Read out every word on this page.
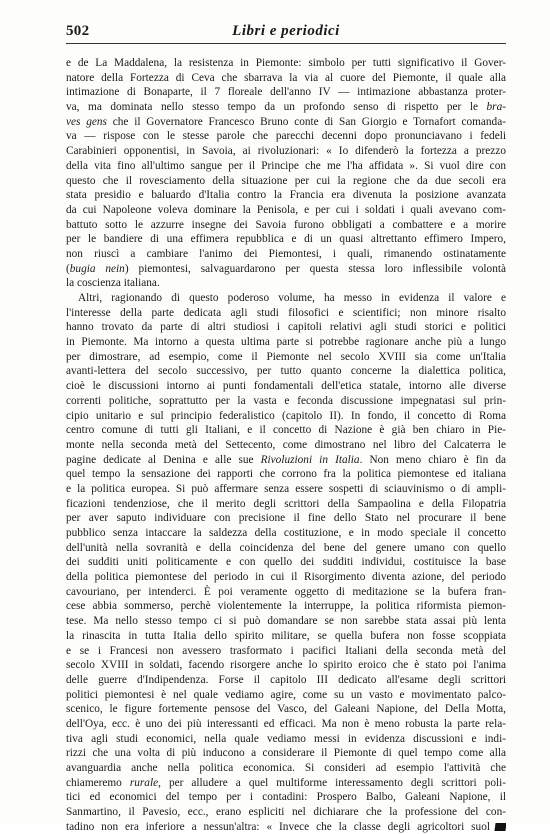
502	Libri e periodici
e de La Maddalena, la resistenza in Piemonte: simbolo per tutti significativo il Gover-
natore della Fortezza di Ceva che sbarrava la via al cuore del Piemonte, il quale alla
intimazione di Bonaparte, il 7 floreale dell'anno IV — intimazione abbastanza proter-
va, ma dominata nello stesso tempo da un profondo senso di rispetto per le bra-
ves gens che il Governatore Francesco Bruno conte di San Giorgio e Tornafort comanda-
va — rispose con le stesse parole che parecchi decenni dopo pronunciavano i fedeli
Carabinieri opponentisi, in Savoia, ai rivoluzionari: « Io difenderò la fortezza a prezzo
della vita fino all'ultimo sangue per il Principe che me l'ha affidata ». Si vuol dire con
questo che il rovesciamento della situazione per cui la regione che da due secoli era
stata presidio e baluardo d'Italia contro la Francia era divenuta la posizione avanzata
da cui Napoleone voleva dominare la Penisola, e per cui i soldati i quali avevano com-
battuto sotto le azzurre insegne dei Savoia furono obbligati a combattere e a morire
per le bandiere di una effimera repubblica e di un quasi altrettanto effimero Impero,
non riuscì a cambiare l'animo dei Piemontesi, i quali, rimanendo ostinatamente
(bugia nein) piemontesi, salvaguardarono per questa stessa loro inflessibile volontà
la coscienza italiana.
Altri, ragionando di questo poderoso volume, ha messo in evidenza il valore e
l'interesse della parte dedicata agli studi filosofici e scientifici; non minore risalto
hanno trovato da parte di altri studiosi i capitoli relativi agli studi storici e politici
in Piemonte. Ma intorno a questa ultima parte si potrebbe ragionare anche più a lungo
per dimostrare, ad esempio, come il Piemonte nel secolo XVIII sia come un'Italia
avanti-lettera del secolo successivo, per tutto quanto concerne la dialettica politica,
cioè le discussioni intorno ai punti fondamentali dell'etica statale, intorno alle diverse
correnti politiche, soprattutto per la vasta e feconda discussione impegnatasi sul prin-
cipio unitario e sul principio federalistico (capitolo II). In fondo, il concetto di Roma
centro comune di tutti gli Italiani, e il concetto di Nazione è già ben chiaro in Pie-
monte nella seconda metà del Settecento, come dimostrano nel libro del Calcaterra le
pagine dedicate al Denina e alle sue Rivoluzioni in Italia. Non meno chiaro è fin da
quel tempo la sensazione dei rapporti che corrono fra la politica piemontese ed italiana
e la politica europea. Si può affermare senza essere sospetti di sciauvinismo o di ampli-
ficazioni tendenziose, che il merito degli scrittori della Sampaolina e della Filopatria
per aver saputo individuare con precisione il fine dello Stato nel procurare il bene
pubblico senza intaccare la saldezza della costituzione, e in modo speciale il concetto
dell'unità nella sovranità e della coincidenza del bene del genere umano con quello
dei sudditi uniti politicamente e con quello dei sudditi individui, costituisce la base
della politica piemontese del periodo in cui il Risorgimento diventa azione, del periodo
cavouriano, per intenderci. È poi veramente oggetto di meditazione se la bufera fran-
cese abbia sommerso, perchè violentemente la interruppe, la politica riformista piemon-
tese. Ma nello stesso tempo ci si può domandare se non sarebbe stata assai più lenta
la rinascita in tutta Italia dello spirito militare, se quella bufera non fosse scoppiata
e se i Francesi non avessero trasformato i pacifici Italiani della seconda metà del
secolo XVIII in soldati, facendo risorgere anche lo spirito eroico che è stato poi l'anima
delle guerre d'Indipendenza. Forse il capitolo III dedicato all'esame degli scrittori
politici piemontesi è nel quale vediamo agire, come su un vasto e movimentato palco-
scenico, le figure fortemente pensose del Vasco, del Galeani Napione, del Della Motta,
dell'Oya, ecc. è uno dei più interessanti ed efficaci. Ma non è meno robusta la parte rela-
tiva agli studi economici, nella quale vediamo messi in evidenza discussioni e indi-
rizzi che una volta di più inducono a considerare il Piemonte di quel tempo come alla
avanguardia anche nella politica economica. Si consideri ad esempio l'attività che
chiameremo rurale, per alludere a quel multiforme interessamento degli scrittori poli-
tici ed economici del tempo per i contadini: Prospero Balbo, Galeani Napione, il
Sanmartino, il Pavesio, ecc., erano espliciti nel dichiarare che la professione del con-
tadino non era inferiore a nessun'altra: « Invece che la classe degli agricoltori suol
